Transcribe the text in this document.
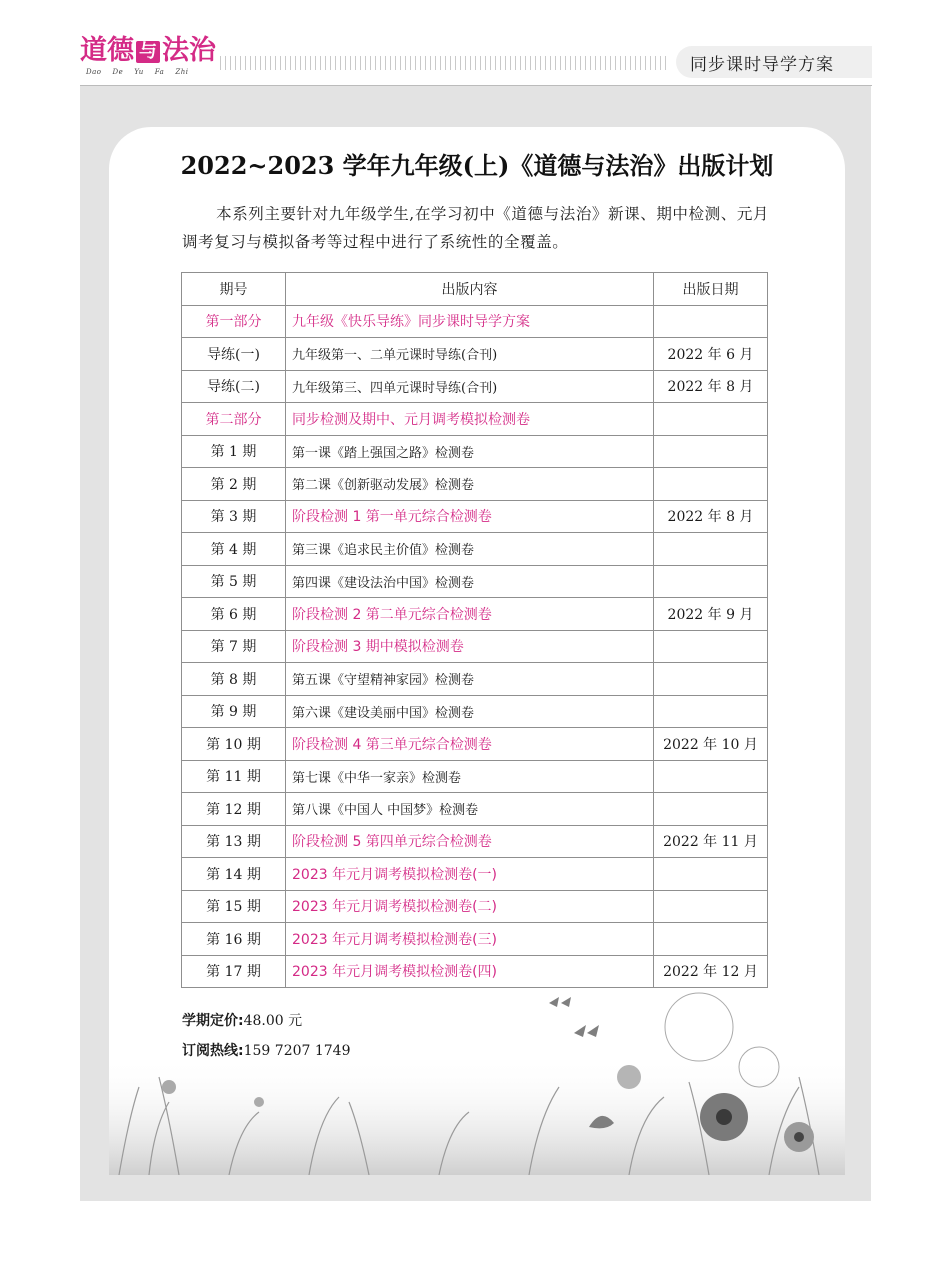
道 德 与 法 治
Dao De Yu Fa Zhi	同步课时导学方案
2022~2023 学年九年级(上)《道德与法治》出版计划
本系列主要针对九年级学生,在学习初中《道德与法治》新课、期中检测、元月调考复习与模拟备考等过程中进行了系统性的全覆盖。
期号	出版内容	出版日期
第一部分	九年级《快乐导练》同步课时导学方案	
导练(一)	九年级第一、二单元课时导练(合刊)	2022 年 6 月
导练(二)	九年级第三、四单元课时导练(合刊)	2022 年 8 月
第二部分	同步检测及期中、元月调考模拟检测卷	
第 1 期	第一课《踏上强国之路》检测卷	
第 2 期	第二课《创新驱动发展》检测卷	
第 3 期	阶段检测 1 第一单元综合检测卷	2022 年 8 月
第 4 期	第三课《追求民主价值》检测卷	
第 5 期	第四课《建设法治中国》检测卷	
第 6 期	阶段检测 2 第二单元综合检测卷	2022 年 9 月
第 7 期	阶段检测 3 期中模拟检测卷	
第 8 期	第五课《守望精神家园》检测卷	
第 9 期	第六课《建设美丽中国》检测卷	
第 10 期	阶段检测 4 第三单元综合检测卷	2022 年 10 月
第 11 期	第七课《中华一家亲》检测卷	
第 12 期	第八课《中国人 中国梦》检测卷	
第 13 期	阶段检测 5 第四单元综合检测卷	2022 年 11 月
第 14 期	2023 年元月调考模拟检测卷(一)	
第 15 期	2023 年元月调考模拟检测卷(二)	
第 16 期	2023 年元月调考模拟检测卷(三)	
第 17 期	2023 年元月调考模拟检测卷(四)	2022 年 12 月
学期定价:48.00 元
订阅热线:159 7207 1749
